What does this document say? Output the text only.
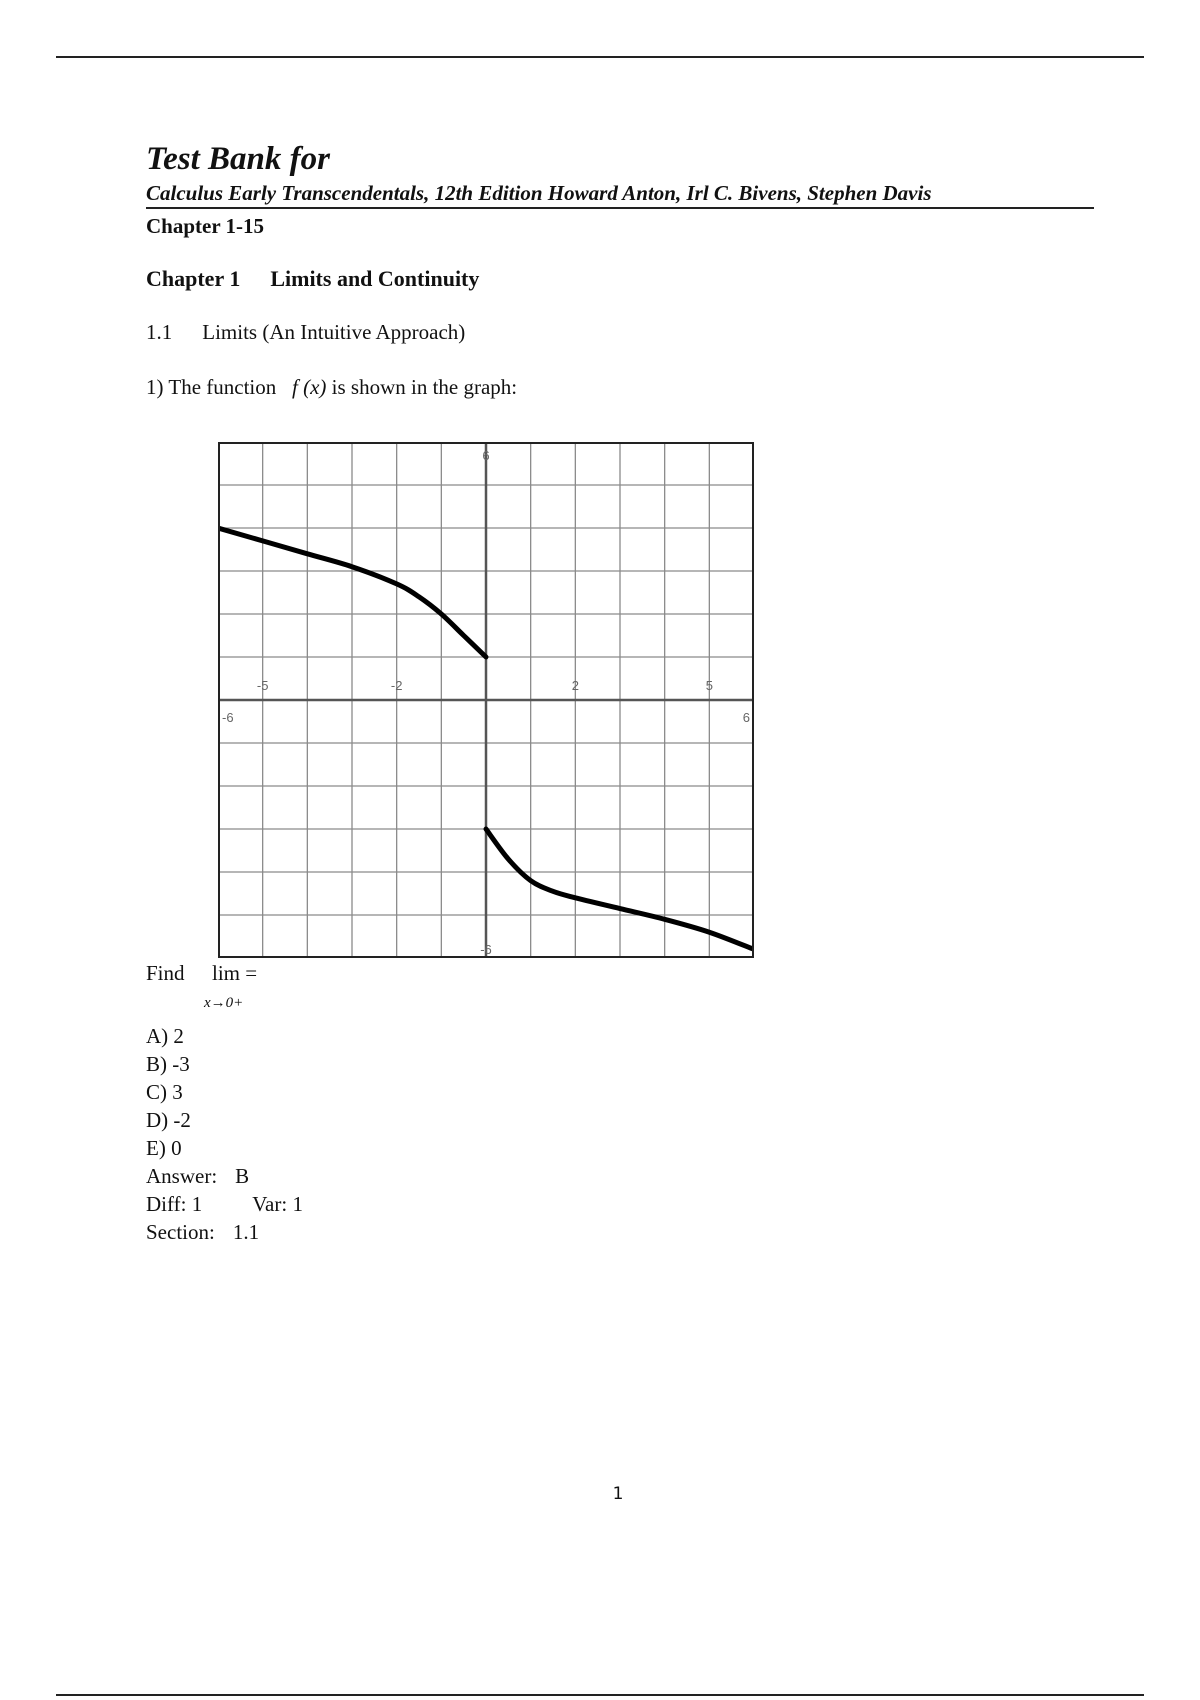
Test Bank for

Calculus Early Transcendentals, 12th Edition Howard Anton, Irl C. Bivens, Stephen Davis

Chapter 1-15

Chapter 1 Limits and Continuity

1.1 Limits (An Intuitive Approach)

1) The function f (x) is shown in the graph:

-5	-2	2	5
-6	6
6
-6
Find lim =
x→0+
A) 2
B) -3
C) 3
D) -2
E) 0
Answer: B
Diff: 1 Var: 1
Section: 1.1
1
